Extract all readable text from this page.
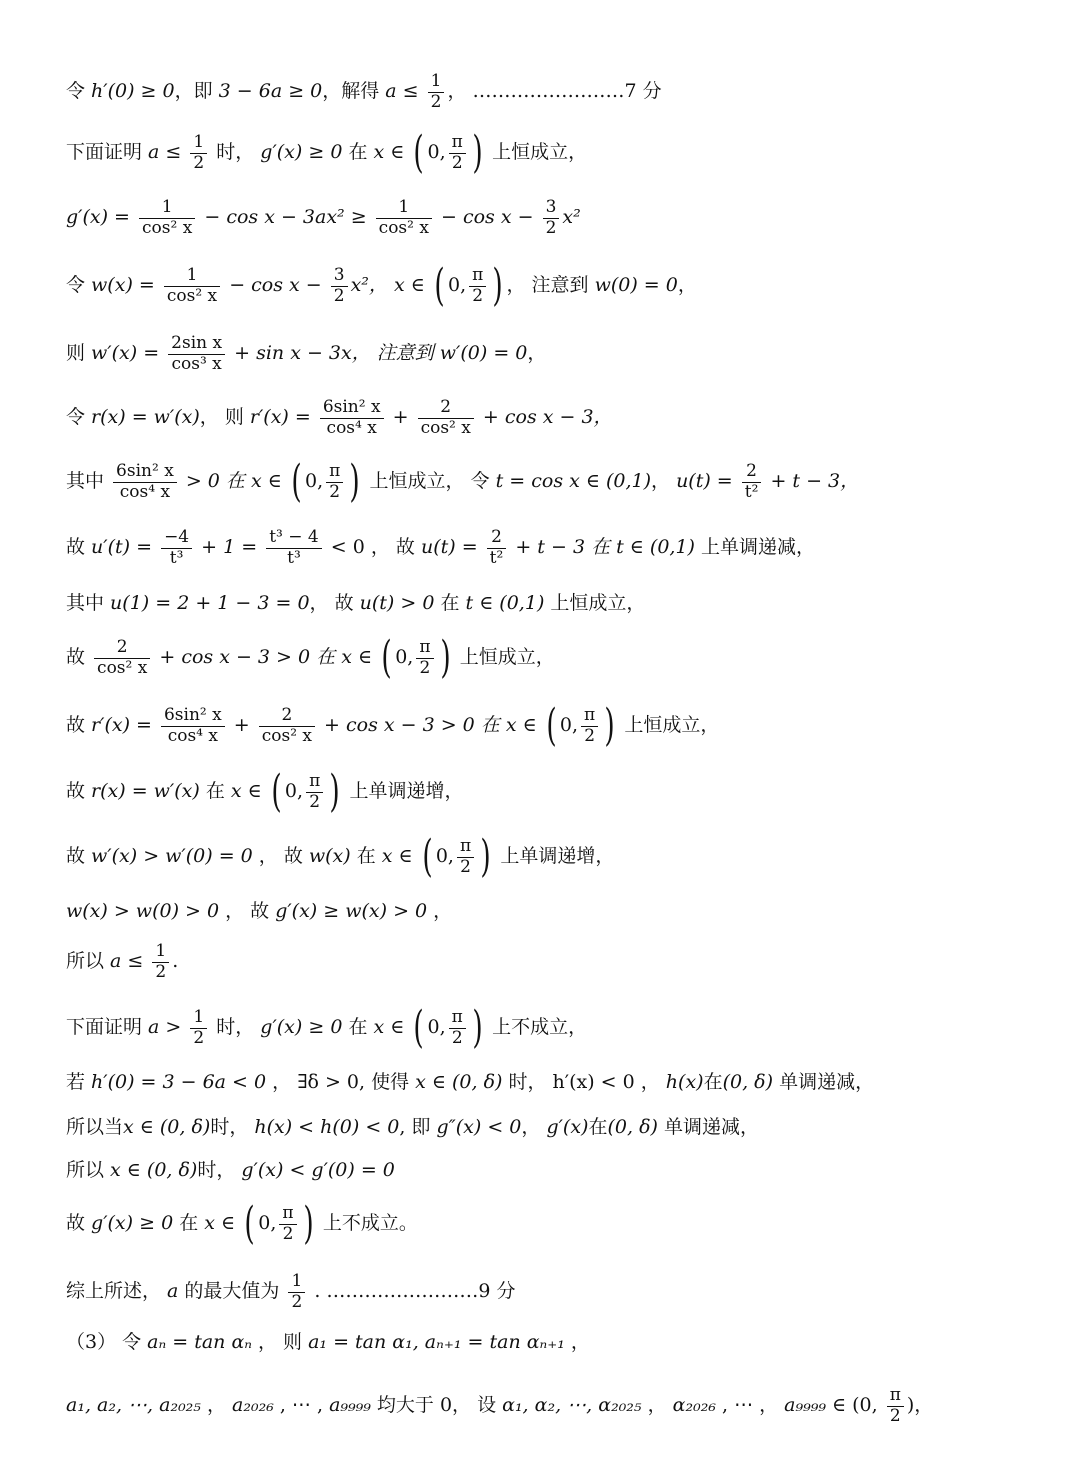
令 h′(0) ≥ 0，即 3 − 6a ≥ 0，解得 $a \le \frac{1}{2}$ ， ……………………7 分
下面证明 $a \le \frac{1}{2}$ 时， g′(x) ≥ 0 在 x ∈ ( 0, $\frac{\pi}{2}$ ) 上恒成立，
$g'(x) = \frac{1}{\text{cos² x}} - \cos x - 3ax^2 \ge \frac{1}{\text{cos² x}} - \cos x - \frac{3}{2} x^2$
令 $w(x) = \frac{1}{\text{cos² x}} - \cos x - \frac{3}{2} x^2$， x ∈ ( 0, $\frac{\pi}{2}$ ) ， 注意到 w(0) = 0，
则 $w'(x) = \frac{\text{2sin x}}{\text{cos³ x}} + \sin x - 3x$， 注意到 w′(0) = 0，
令 r(x) = w′(x)， 则 $r'(x) = \frac{\text{6sin² x}}{\text{cos⁴ x}} + \frac{2}{\text{cos² x}} + \cos x - 3$，
其中 $\frac{\text{6sin² x}}{\text{cos⁴ x}} > 0$ 在 x ∈ ( 0, $\frac{\pi}{2}$ ) 上恒成立， 令 t = cos x ∈ (0,1)， $u(t) = \frac{2}{\text{t²}} + t - 3$，
故 $u'(t) = \frac{-4}{\text{t³}} + 1 = \frac{\text{t³ − 4}}{\text{t³}} < 0$ ， 故 $u(t) = \frac{2}{\text{t²}} + t - 3$ 在 t ∈ (0,1) 上单调递减，
其中 u(1) = 2 + 1 − 3 = 0， 故 u(t) > 0 在 t ∈ (0,1) 上恒成立，
故 $\frac{2}{\text{cos² x}} + \cos x - 3 > 0$ 在 x ∈ ( 0, $\frac{\pi}{2}$ ) 上恒成立，
故 $r'(x) = \frac{\text{6sin² x}}{\text{cos⁴ x}} + \frac{2}{\text{cos² x}} + \cos x - 3 > 0$ 在 x ∈ ( 0, $\frac{\pi}{2}$ ) 上恒成立，
故 r(x) = w′(x) 在 x ∈ ( 0, $\frac{\pi}{2}$ ) 上单调递增，
故 w′(x) > w′(0) = 0 ， 故 w(x) 在 x ∈ ( 0, $\frac{\pi}{2}$ ) 上单调递增，
w(x) > w(0) > 0 ， 故 g′(x) ≥ w(x) > 0 ，
所以 $a \le \frac{1}{2}$ .
下面证明 $a > \frac{1}{2}$ 时， g′(x) ≥ 0 在 x ∈ ( 0, $\frac{\pi}{2}$ ) 上不成立，
若 h′(0) = 3 − 6a < 0 ， ∃δ > 0, 使得 x ∈ (0, δ) 时， h′(x) < 0 ， h(x)在(0, δ) 单调递减，
所以当x ∈ (0, δ)时， h(x) < h(0) < 0, 即 g″(x) < 0， g′(x)在(0, δ) 单调递减，
所以 x ∈ (0, δ)时， g′(x) < g′(0) = 0
故 g′(x) ≥ 0 在 x ∈ ( 0, $\frac{\pi}{2}$ ) 上不成立。
综上所述， a 的最大值为 $\frac{1}{2}$ . ……………………9 分
（3） 令 aₙ = tan αₙ ， 则 a₁ = tan α₁, aₙ₊₁ = tan αₙ₊₁ ，
a₁, a₂, ⋯, a₂₀₂₅ ， a₂₀₂₆ , ⋯ , a₉₉₉₉ 均大于 0， 设 α₁, α₂, ⋯, α₂₀₂₅ ， α₂₀₂₆ , ⋯ ， a₉₉₉₉ ∈ (0, $\frac{\pi}{2}$ )，
